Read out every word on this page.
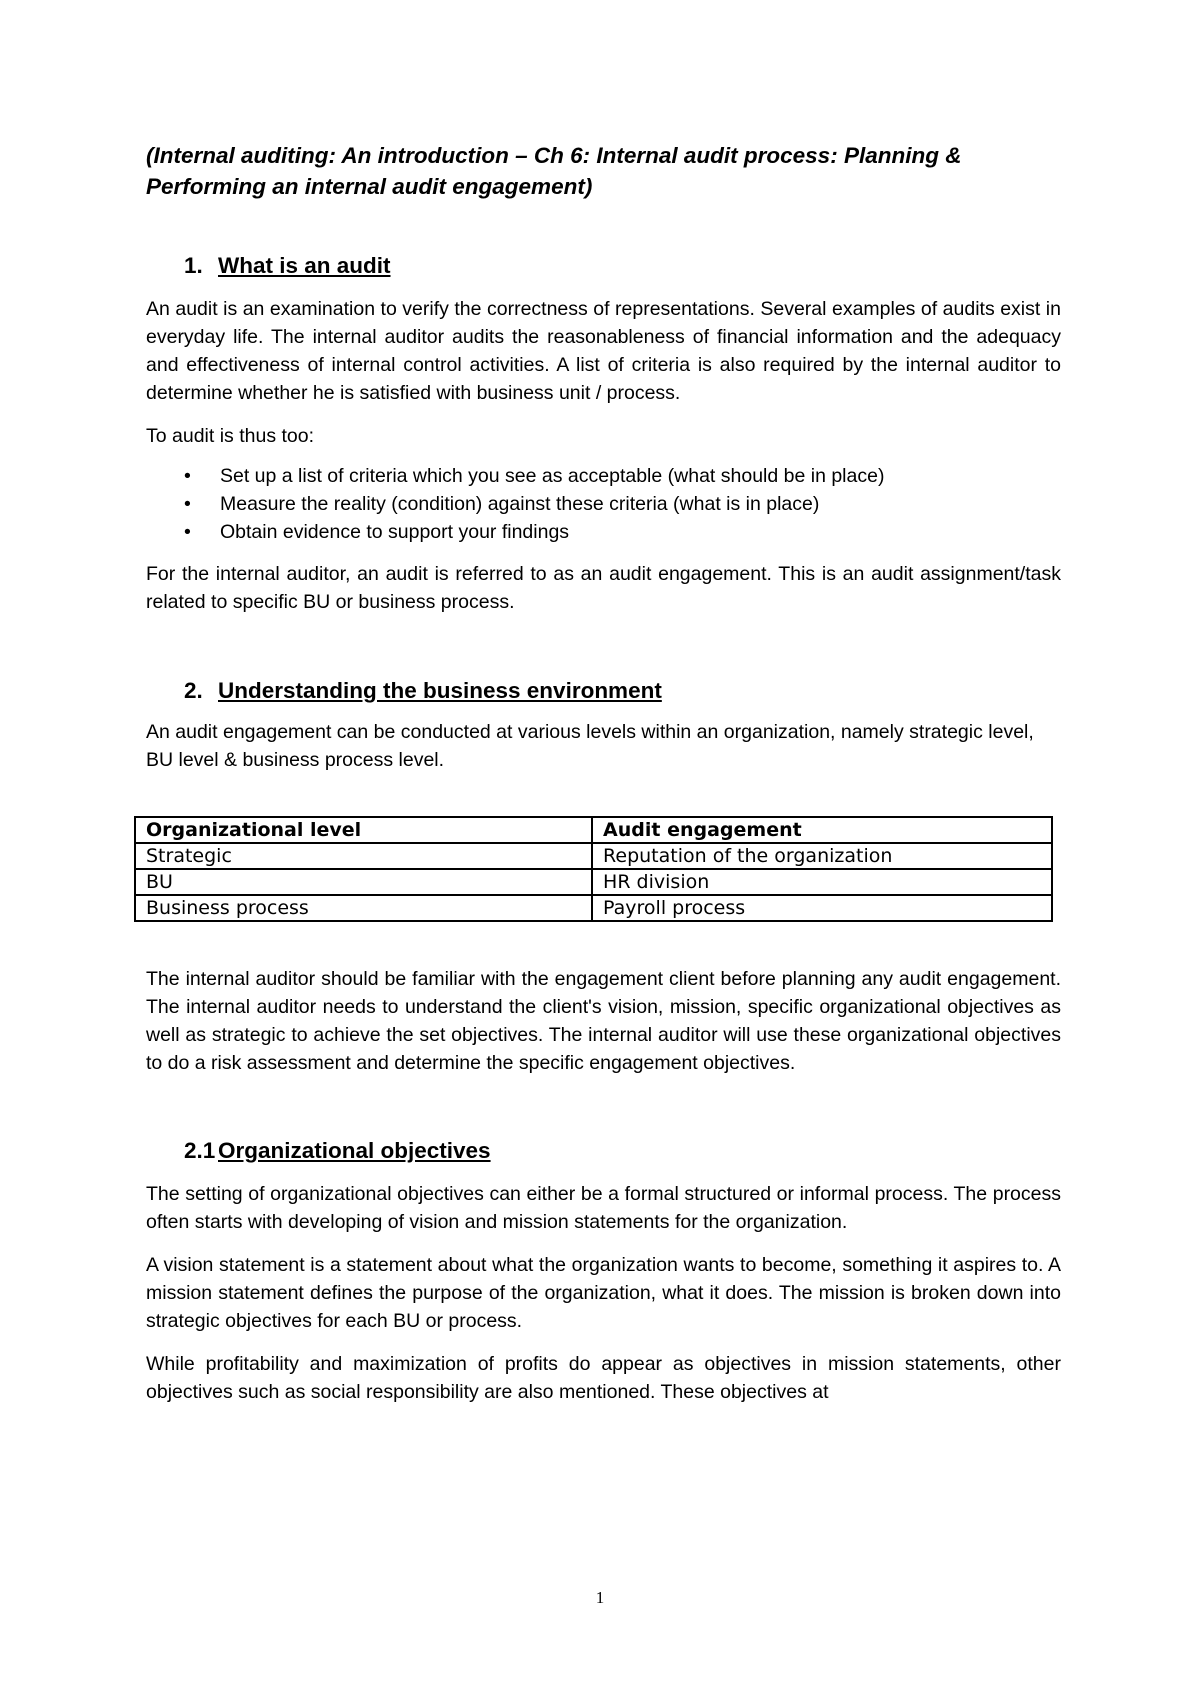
(Internal auditing: An introduction – Ch 6: Internal audit process: Planning &
Performing an internal audit engagement)
1. What is an audit

An audit is an examination to verify the correctness of representations. Several examples of audits exist in everyday life. The internal auditor audits the reasonableness of financial information and the adequacy and effectiveness of internal control activities. A list of criteria is also required by the internal auditor to determine whether he is satisfied with business unit / process.

To audit is thus too:

• Set up a list of criteria which you see as acceptable (what should be in place)
• Measure the reality (condition) against these criteria (what is in place)
• Obtain evidence to support your findings

For the internal auditor, an audit is referred to as an audit engagement. This is an audit assignment/task related to specific BU or business process.

2. Understanding the business environment

An audit engagement can be conducted at various levels within an organization, namely strategic level, BU level & business process level.

Organizational level	Audit engagement
Strategic	Reputation of the organization
BU	HR division
Business process	Payroll process

The internal auditor should be familiar with the engagement client before planning any audit engagement. The internal auditor needs to understand the client's vision, mission, specific organizational objectives as well as strategic to achieve the set objectives. The internal auditor will use these organizational objectives to do a risk assessment and determine the specific engagement objectives.

2.1 Organizational objectives

The setting of organizational objectives can either be a formal structured or informal process. The process often starts with developing of vision and mission statements for the organization.

A vision statement is a statement about what the organization wants to become, something it aspires to. A mission statement defines the purpose of the organization, what it does. The mission is broken down into strategic objectives for each BU or process.

While profitability and maximization of profits do appear as objectives in mission statements, other objectives such as social responsibility are also mentioned. These objectives at

1
